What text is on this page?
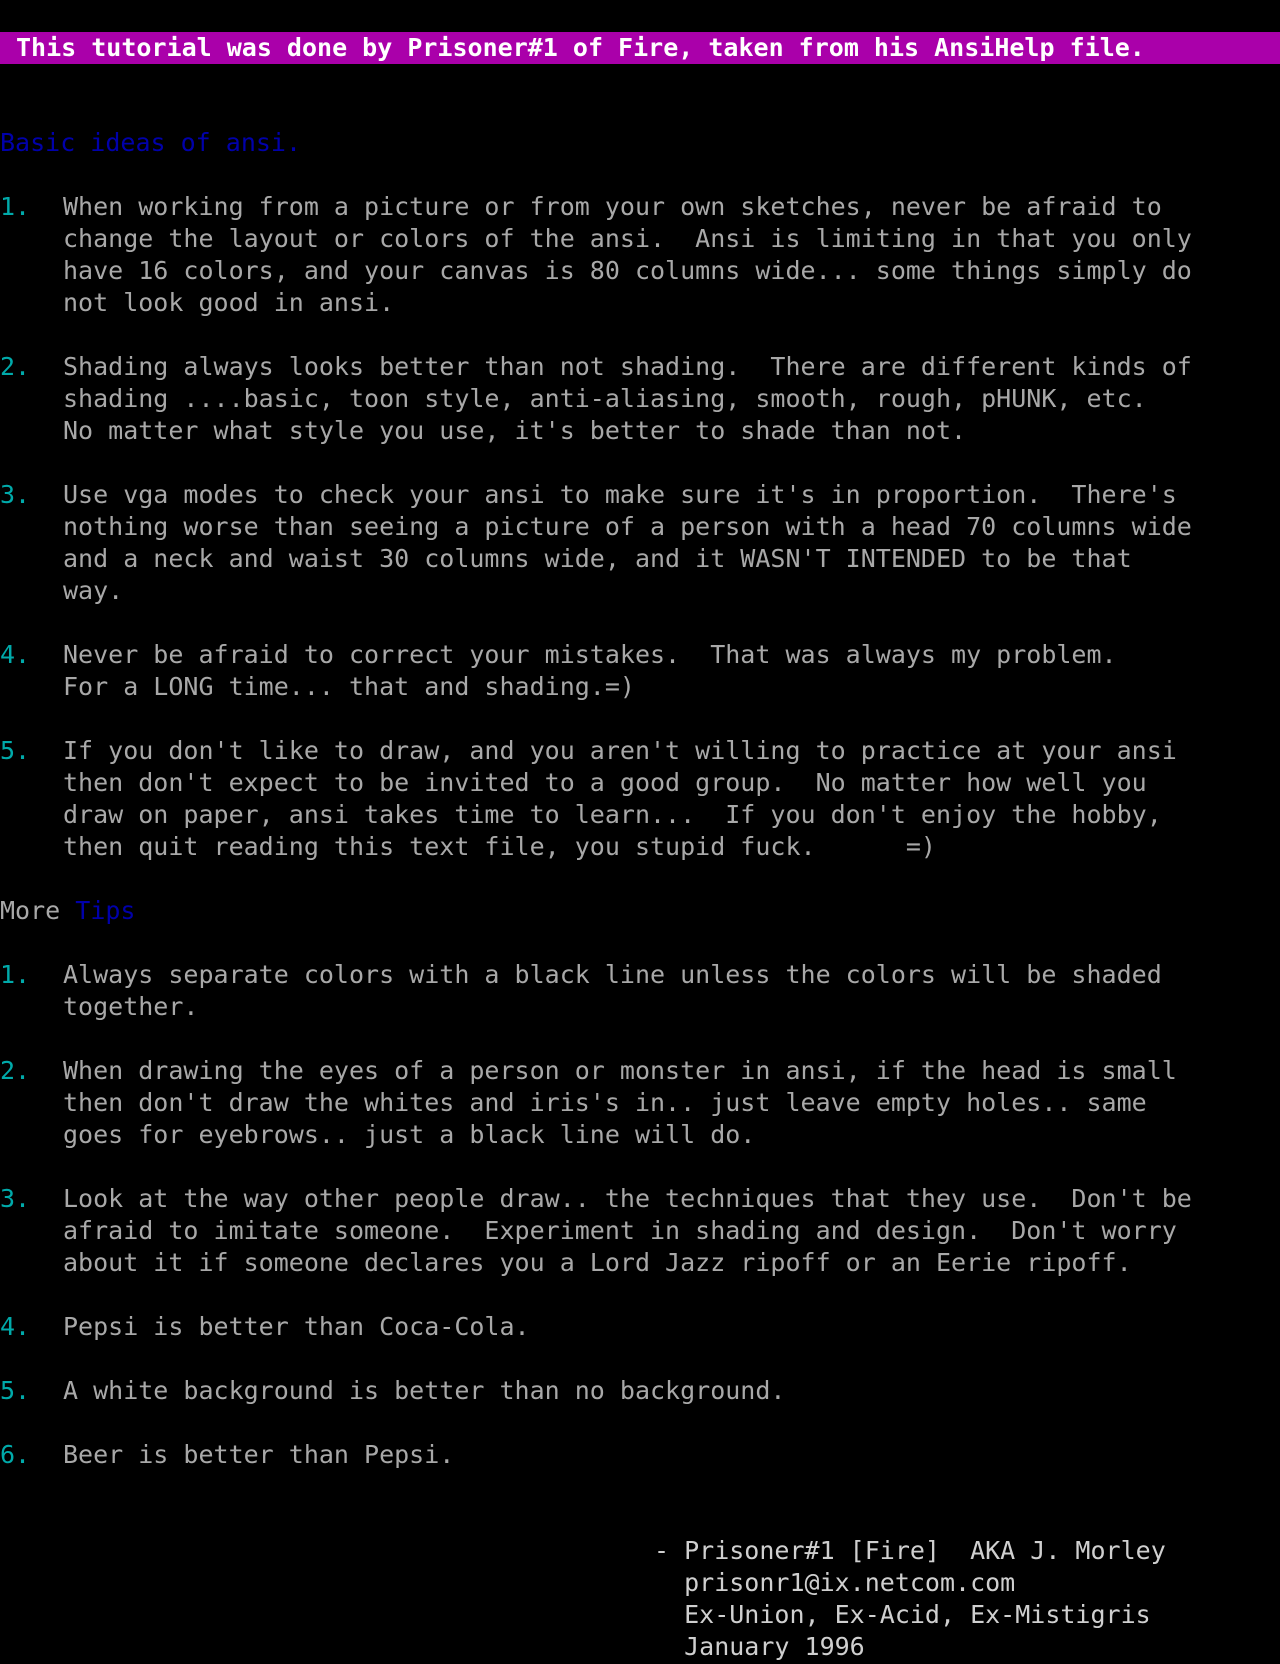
This tutorial was done by Prisoner#1 of Fire, taken from his AnsiHelp file.
Basic ideas of ansi.
1. When working from a picture or from your own sketches, never be afraid to
change the layout or colors of the ansi.  Ansi is limiting in that you only
have 16 colors, and your canvas is 80 columns wide... some things simply do
not look good in ansi.
2. Shading always looks better than not shading.  There are different kinds of
shading ....basic, toon style, anti-aliasing, smooth, rough, pHUNK, etc.
No matter what style you use, it's better to shade than not.
3. Use vga modes to check your ansi to make sure it's in proportion.  There's
nothing worse than seeing a picture of a person with a head 70 columns wide
and a neck and waist 30 columns wide, and it WASN'T INTENDED to be that
way.
4. Never be afraid to correct your mistakes.  That was always my problem.
For a LONG time... that and shading.=)
5. If you don't like to draw, and you aren't willing to practice at your ansi
then don't expect to be invited to a good group.  No matter how well you
draw on paper, ansi takes time to learn...  If you don't enjoy the hobby,
then quit reading this text file, you stupid fuck.      =)
More Tips
1. Always separate colors with a black line unless the colors will be shaded
together.
2. When drawing the eyes of a person or monster in ansi, if the head is small
then don't draw the whites and iris's in.. just leave empty holes.. same
goes for eyebrows.. just a black line will do.
3. Look at the way other people draw.. the techniques that they use.  Don't be
afraid to imitate someone.  Experiment in shading and design.  Don't worry
about it if someone declares you a Lord Jazz ripoff or an Eerie ripoff.
4. Pepsi is better than Coca-Cola.
5. A white background is better than no background.
6. Beer is better than Pepsi.
- Prisoner#1 [Fire]  AKA J. Morley
prisonr1@ix.netcom.com
Ex-Union, Ex-Acid, Ex-Mistigris
January 1996
